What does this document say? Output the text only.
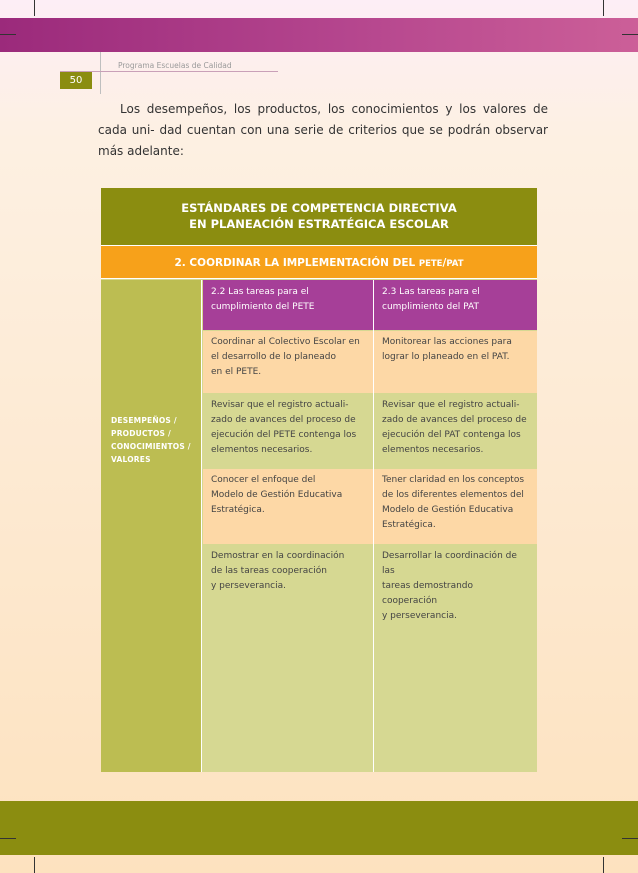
Programa Escuelas de Calidad
50
Los desempeños, los productos, los conocimientos y los valores de cada uni- dad cuentan con una serie de criterios que se podrán observar más adelante:
ESTÁNDARES DE COMPETENCIA DIRECTIVA
EN PLANEACIÓN ESTRATÉGICA ESCOLAR
2. COORDINAR LA IMPLEMENTACIÓN DEL PETE/PAT
DESEMPEÑOS /
PRODUCTOS /
CONOCIMIENTOS /
VALORES
2.2 Las tareas para el
cumplimiento del PETE
2.3 Las tareas para el
cumplimiento del PAT
Coordinar al Colectivo Escolar en
el desarrollo de lo planeado
en el PETE.
Monitorear las acciones para
lograr lo planeado en el PAT.
Revisar que el registro actuali-
zado de avances del proceso de
ejecución del PETE contenga los
elementos necesarios.
Revisar que el registro actuali-
zado de avances del proceso de
ejecución del PAT contenga los
elementos necesarios.
Conocer el enfoque del
Modelo de Gestión Educativa
Estratégica.
Tener claridad en los conceptos
de los diferentes elementos del
Modelo de Gestión Educativa
Estratégica.
Demostrar en la coordinación
de las tareas cooperación
y perseverancia.
Desarrollar la coordinación de las
tareas demostrando cooperación
y perseverancia.
